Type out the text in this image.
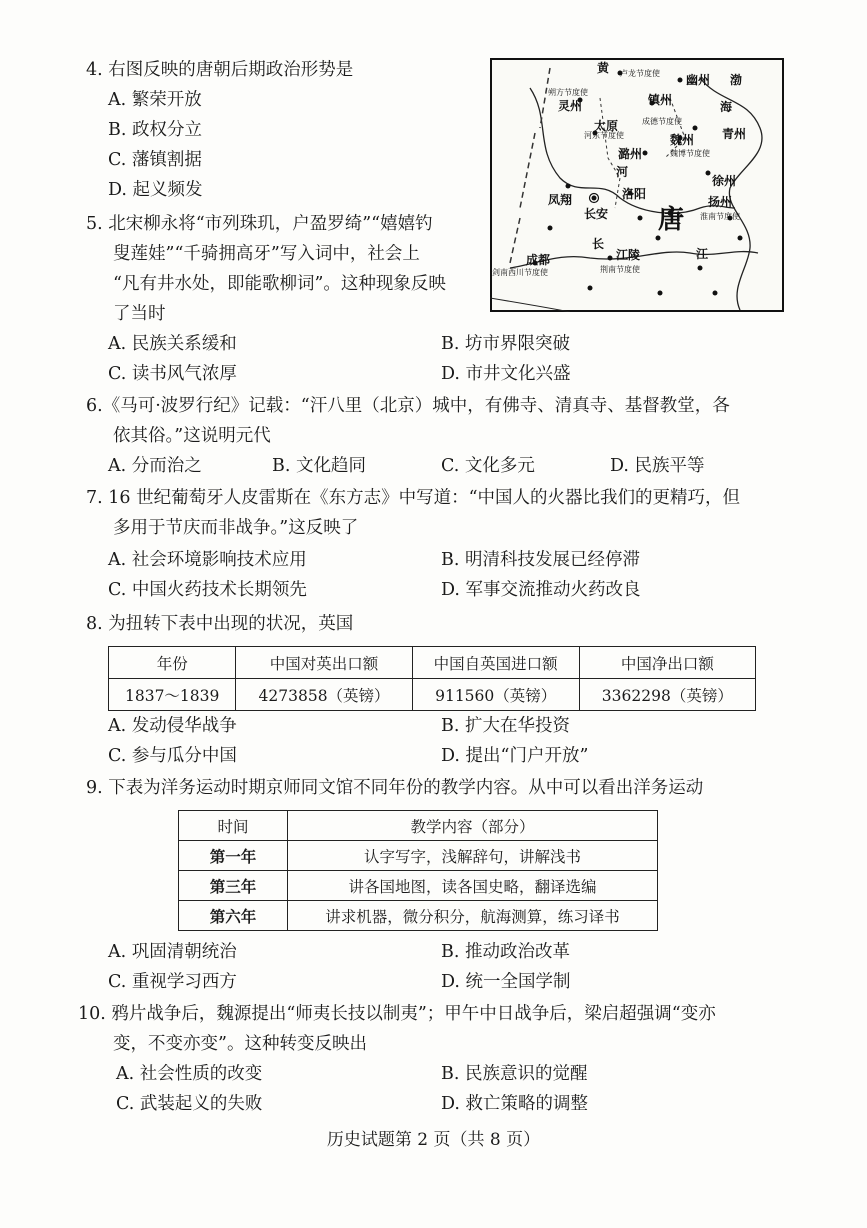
4. 右图反映的唐朝后期政治形势是
A. 繁荣开放
B. 政权分立
C. 藩镇割据
D. 起义频发
黄 卢龙节度使 幽州 渤
海
朔方节度使
灵州	镇州
太原	成德节度使
河东节度使	魏州 青州
潞州	魏博节度使
河
洛阳
徐州
凤翔
长安
扬州
淮南节度使
长
江
成都
剑南西川节度使
江陵
荆南节度使
唐
5. 北宋柳永将“市列珠玑，户盈罗绮”“嬉嬉钓
叟莲娃”“千骑拥高牙”写入词中，社会上
“凡有井水处，即能歌柳词”。这种现象反映
了当时
A. 民族关系缓和	B. 坊市界限突破
C. 读书风气浓厚	D. 市井文化兴盛
6.《马可·波罗行纪》记载：“汗八里（北京）城中，有佛寺、清真寺、基督教堂，各
依其俗。”这说明元代
A. 分而治之	B. 文化趋同	C. 文化多元	D. 民族平等
7. 16 世纪葡萄牙人皮雷斯在《东方志》中写道：“中国人的火器比我们的更精巧，但
多用于节庆而非战争。”这反映了
A. 社会环境影响技术应用	B. 明清科技发展已经停滞
C. 中国火药技术长期领先	D. 军事交流推动火药改良
8. 为扭转下表中出现的状况，英国
年份	中国对英出口额	中国自英国进口额	中国净出口额
1837～1839	4273858（英镑）	911560（英镑）	3362298（英镑）
A. 发动侵华战争	B. 扩大在华投资
C. 参与瓜分中国	D. 提出“门户开放”
9. 下表为洋务运动时期京师同文馆不同年份的教学内容。从中可以看出洋务运动
时间	教学内容（部分）
第一年	认字写字，浅解辞句，讲解浅书
第三年	讲各国地图，读各国史略，翻译选编
第六年	讲求机器，微分积分，航海测算，练习译书
A. 巩固清朝统治	B. 推动政治改革
C. 重视学习西方	D. 统一全国学制
10. 鸦片战争后，魏源提出“师夷长技以制夷”；甲午中日战争后，梁启超强调“变亦
变，不变亦变”。这种转变反映出
A. 社会性质的改变	B. 民族意识的觉醒
C. 武装起义的失败	D. 救亡策略的调整
历史试题第 2 页（共 8 页）
